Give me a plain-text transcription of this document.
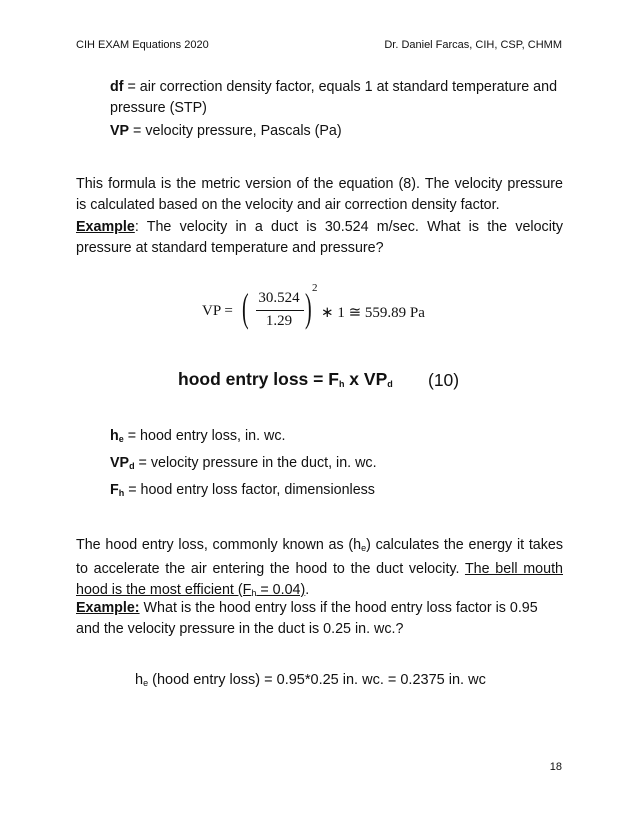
CIH EXAM Equations 2020	Dr. Daniel Farcas, CIH, CSP, CHMM
df = air correction density factor, equals 1 at standard temperature and pressure (STP)
VP = velocity pressure, Pascals (Pa)
This formula is the metric version of the equation (8). The velocity pressure is calculated based on the velocity and air correction density factor.
Example: The velocity in a duct is 30.524 m/sec. What is the velocity pressure at standard temperature and pressure?
VP = ( 30.524
1.29 ) 2
∗ 1 ≅ 559.89 Pa
hood entry loss = $F_h$ x $VP_d$ (10)
$h_e$ = hood entry loss, in. wc.
$VP_d$ = velocity pressure in the duct, in. wc.
$F_h$ = hood entry loss factor, dimensionless
The hood entry loss, commonly known as $(h_e)$ calculates the energy it takes to accelerate the air entering the hood to the duct velocity. The bell mouth hood is the most efficient $(F_h = 0.04)$.
Example: What is the hood entry loss if the hood entry loss factor is 0.95 and the velocity pressure in the duct is 0.25 in. wc.?
$h_e$ (hood entry loss) = 0.95*0.25 in. wc. = 0.2375 in. wc
18
